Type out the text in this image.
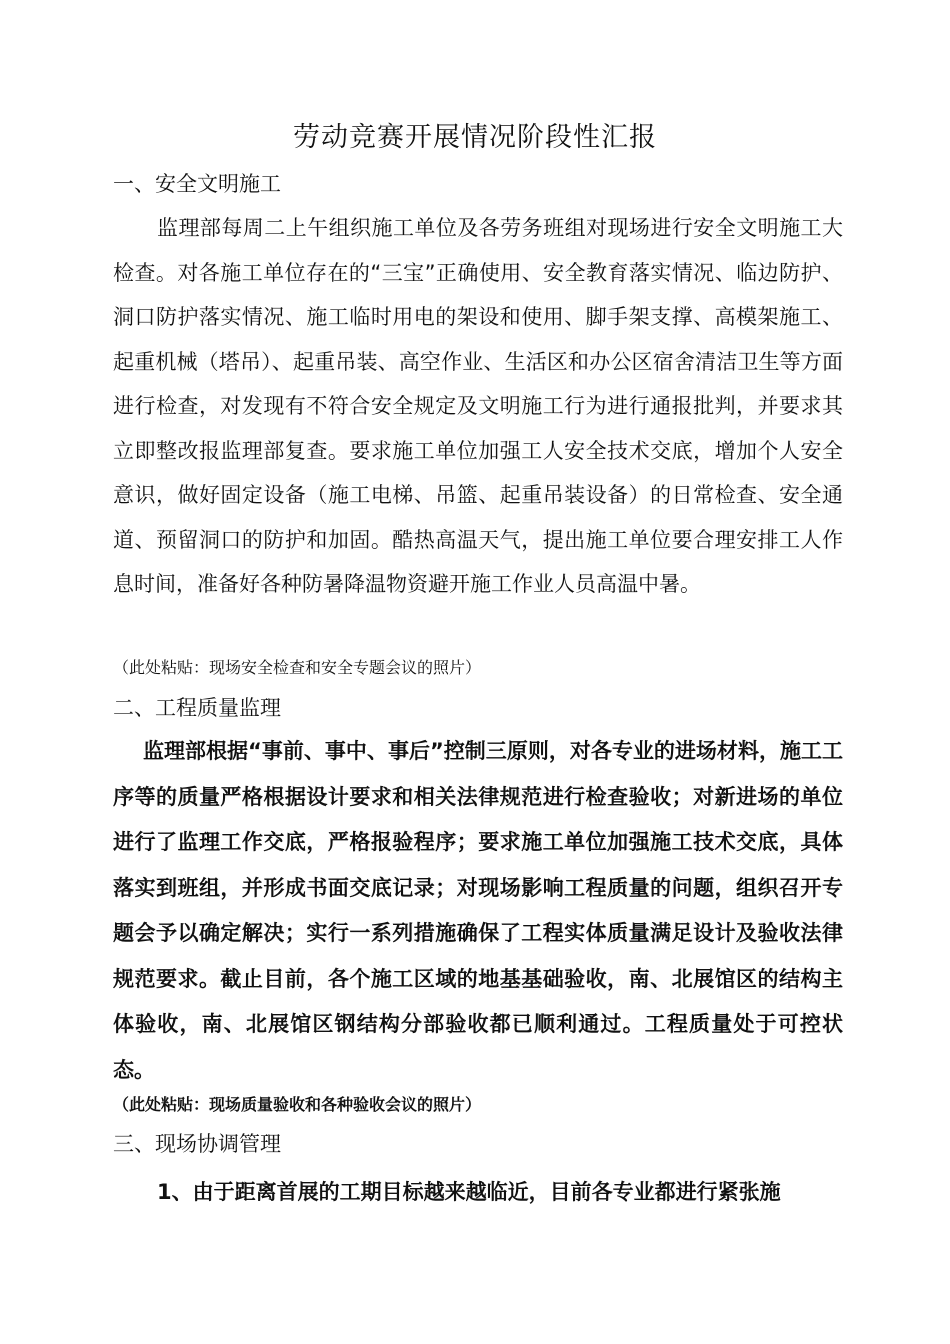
劳动竞赛开展情况阶段性汇报
一、安全文明施工

监理部每周二上午组织施工单位及各劳务班组对现场进行安全文明施工大检查。对各施工单位存在的“三宝”正确使用、安全教育落实情况、临边防护、洞口防护落实情况、施工临时用电的架设和使用、脚手架支撑、高模架施工、起重机械（塔吊）、起重吊装、高空作业、生活区和办公区宿舍清洁卫生等方面进行检查，对发现有不符合安全规定及文明施工行为进行通报批判，并要求其立即整改报监理部复查。要求施工单位加强工人安全技术交底，增加个人安全意识，做好固定设备（施工电梯、吊篮、起重吊装设备）的日常检查、安全通道、预留洞口的防护和加固。酷热高温天气，提出施工单位要合理安排工人作息时间，准备好各种防暑降温物资避开施工作业人员高温中暑。

（此处粘贴：现场安全检查和安全专题会议的照片）
二、工程质量监理

监理部根据“事前、事中、事后”控制三原则，对各专业的进场材料，施工工序等的质量严格根据设计要求和相关法律规范进行检查验收；对新进场的单位进行了监理工作交底，严格报验程序；要求施工单位加强施工技术交底，具体落实到班组，并形成书面交底记录；对现场影响工程质量的问题，组织召开专题会予以确定解决；实行一系列措施确保了工程实体质量满足设计及验收法律规范要求。截止目前，各个施工区域的地基基础验收，南、北展馆区的结构主体验收，南、北展馆区钢结构分部验收都已顺利通过。工程质量处于可控状态。

（此处粘贴：现场质量验收和各种验收会议的照片）
三、现场协调管理

1、由于距离首展的工期目标越来越临近，目前各专业都进行紧张施
